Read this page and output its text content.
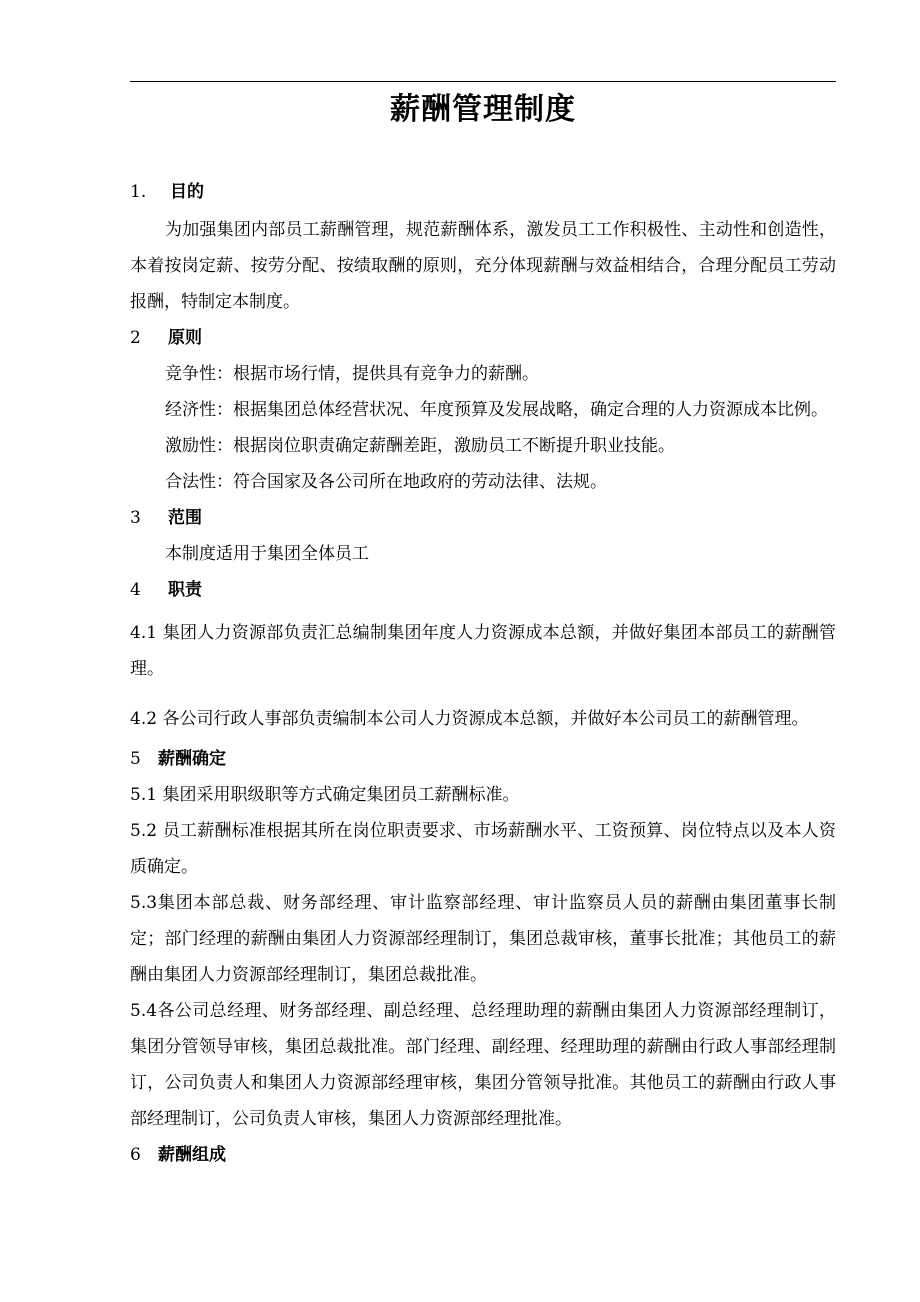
薪酬管理制度
1. 目的

为加强集团内部员工薪酬管理，规范薪酬体系，激发员工工作积极性、主动性和创造性，本着按岗定薪、按劳分配、按绩取酬的原则，充分体现薪酬与效益相结合，合理分配员工劳动报酬，特制定本制度。

2 原则

竞争性：根据市场行情，提供具有竞争力的薪酬。

经济性：根据集团总体经营状况、年度预算及发展战略，确定合理的人力资源成本比例。

激励性：根据岗位职责确定薪酬差距，激励员工不断提升职业技能。

合法性：符合国家及各公司所在地政府的劳动法律、法规。

3 范围

本制度适用于集团全体员工

4 职责

4.1 集团人力资源部负责汇总编制集团年度人力资源成本总额，并做好集团本部员工的薪酬管理。

4.2 各公司行政人事部负责编制本公司人力资源成本总额，并做好本公司员工的薪酬管理。

5 薪酬确定

5.1 集团采用职级职等方式确定集团员工薪酬标准。

5.2 员工薪酬标准根据其所在岗位职责要求、市场薪酬水平、工资预算、岗位特点以及本人资质确定。

5.3集团本部总裁、财务部经理、审计监察部经理、审计监察员人员的薪酬由集团董事长制定；部门经理的薪酬由集团人力资源部经理制订，集团总裁审核，董事长批准；其他员工的薪酬由集团人力资源部经理制订，集团总裁批准。

5.4各公司总经理、财务部经理、副总经理、总经理助理的薪酬由集团人力资源部经理制订，集团分管领导审核，集团总裁批准。部门经理、副经理、经理助理的薪酬由行政人事部经理制订，公司负责人和集团人力资源部经理审核，集团分管领导批准。其他员工的薪酬由行政人事部经理制订，公司负责人审核，集团人力资源部经理批准。

6 薪酬组成
